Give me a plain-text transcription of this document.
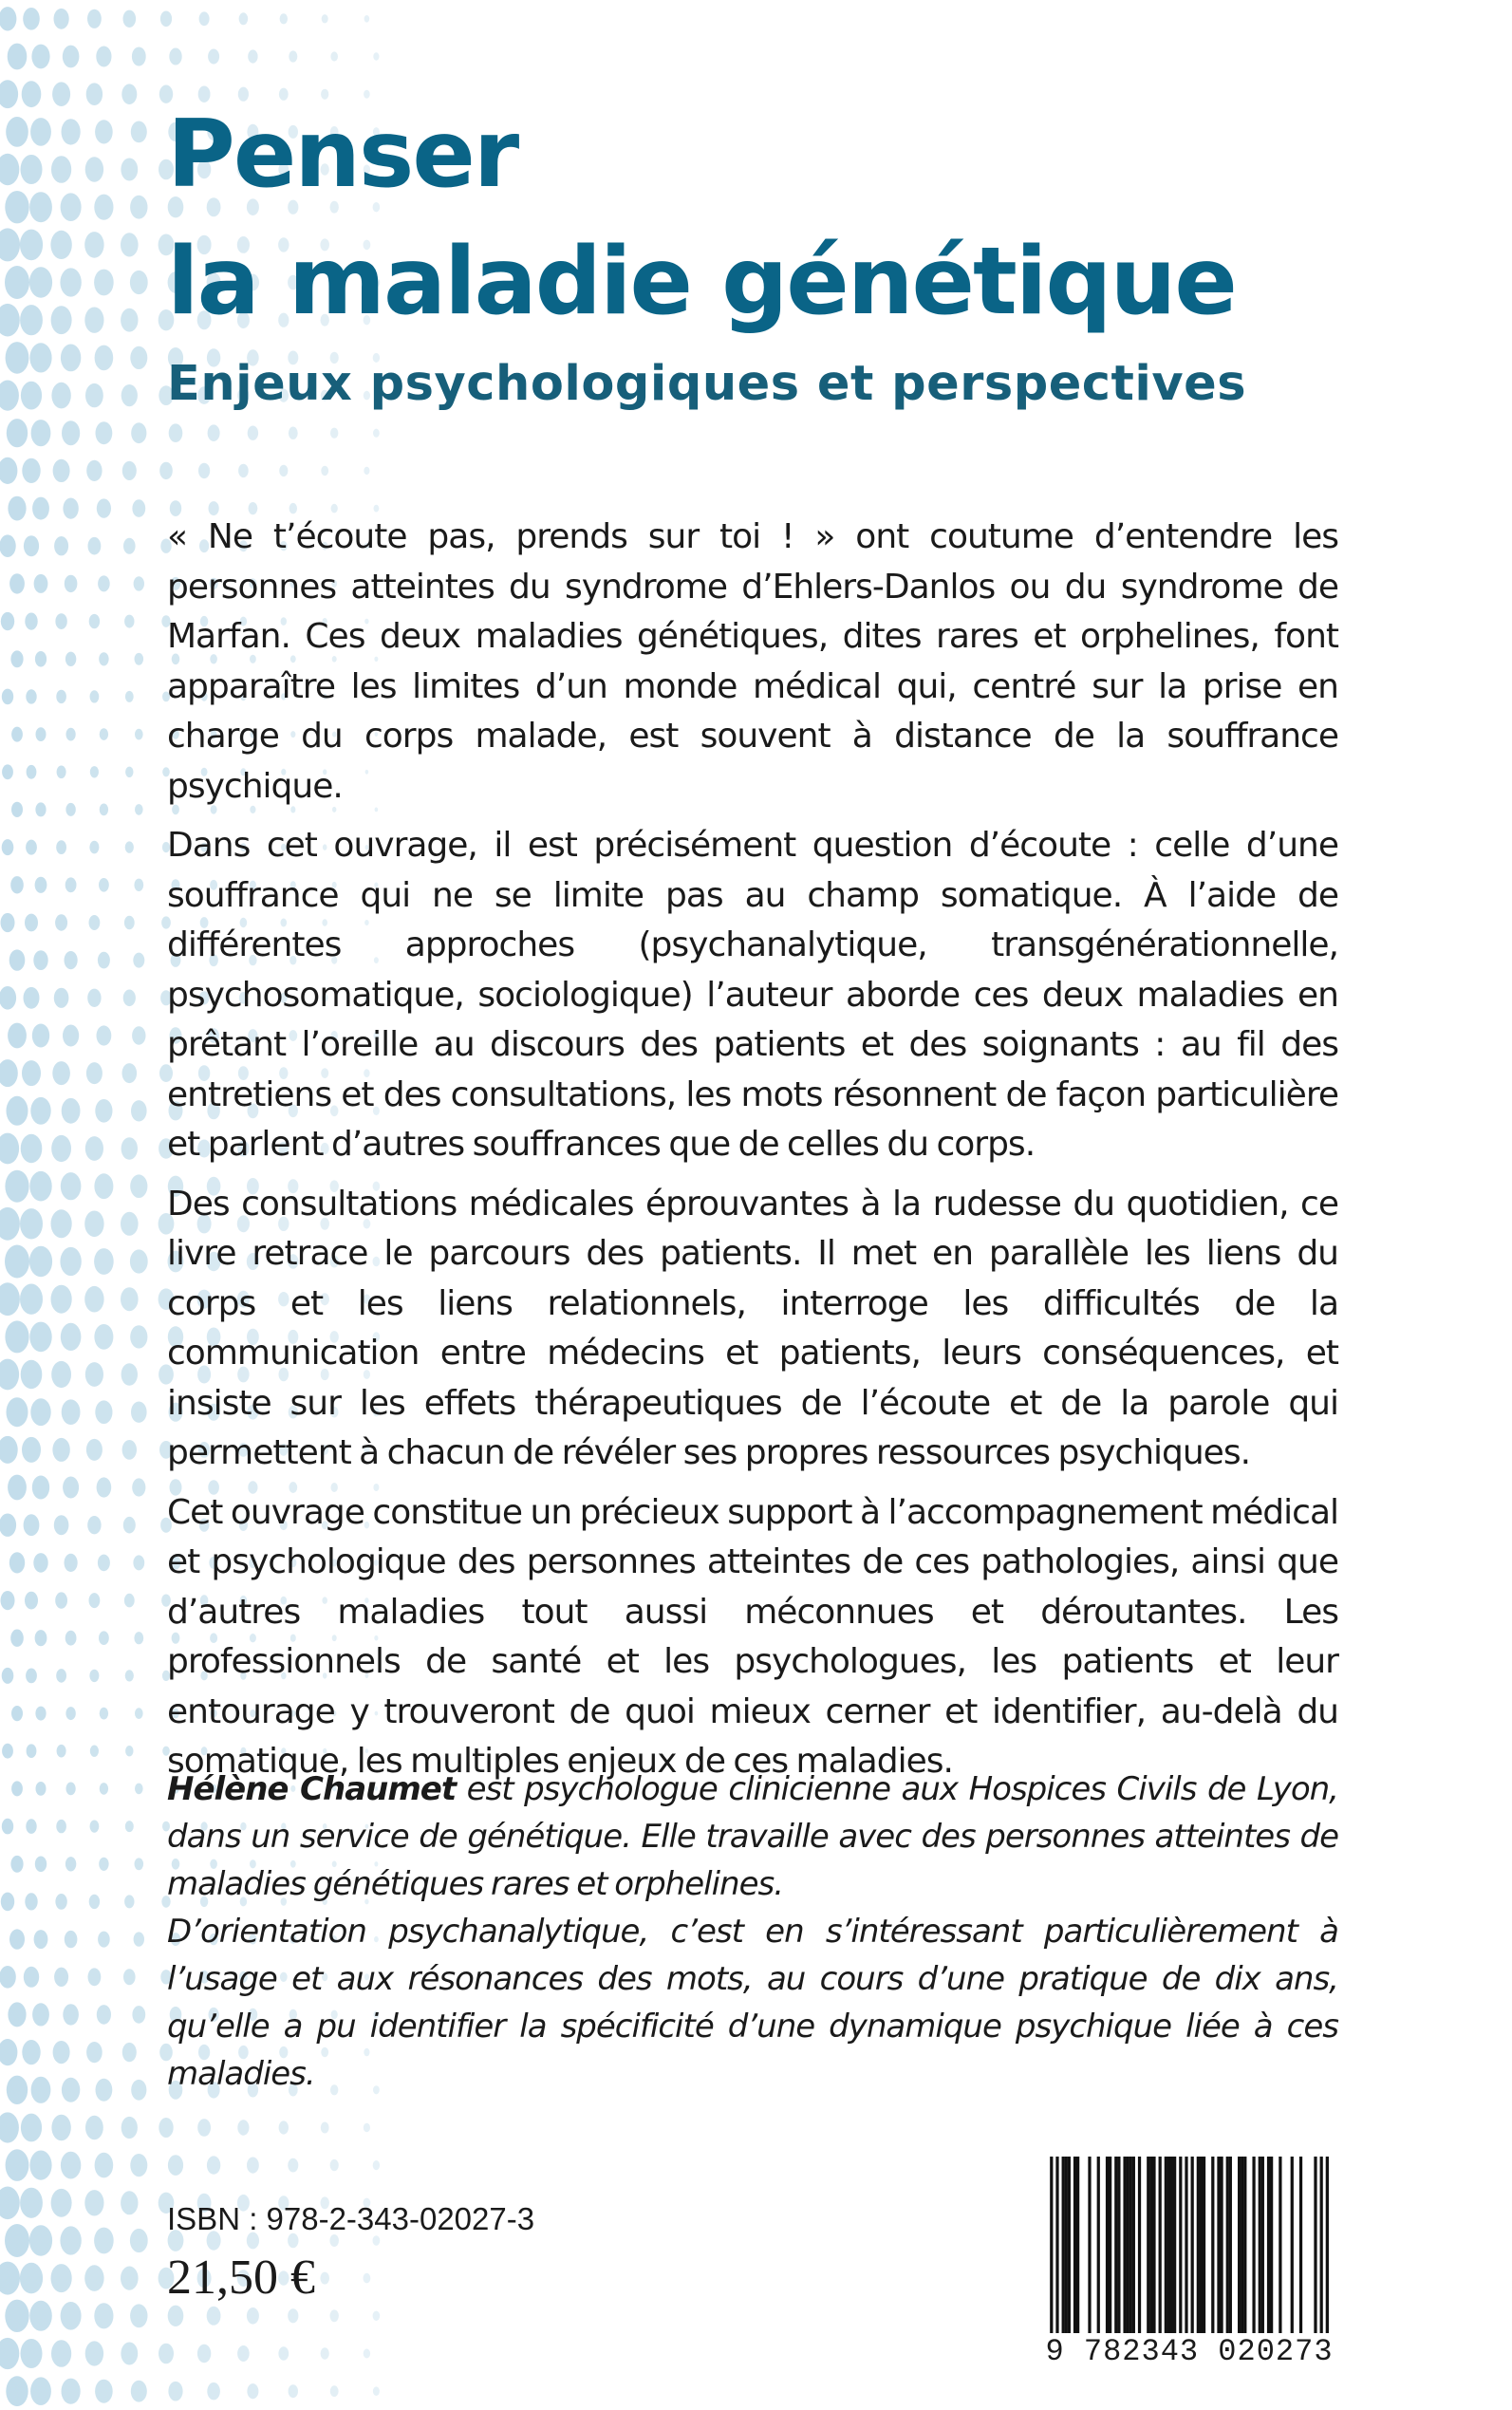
Penser
la maladie génétique
Enjeux psychologiques et perspectives

« Ne t’écoute pas, prends sur toi ! » ont coutume d’entendre les personnes atteintes du syndrome d’Ehlers-Danlos ou du syndrome de Marfan. Ces deux maladies génétiques, dites rares et orphelines, font apparaître les limites d’un monde médical qui, centré sur la prise en charge du corps malade, est souvent à distance de la souffrance psychique.

Dans cet ouvrage, il est précisément question d’écoute : celle d’une souffrance qui ne se limite pas au champ somatique. À l’aide de différentes approches (psychanalytique, transgénérationnelle, psychosomatique, sociologique) l’auteur aborde ces deux maladies en prêtant l’oreille au discours des patients et des soignants : au fil des entretiens et des consultations, les mots résonnent de façon particulière et parlent d’autres souffrances que de celles du corps.

Des consultations médicales éprouvantes à la rudesse du quotidien, ce livre retrace le parcours des patients. Il met en parallèle les liens du corps et les liens relationnels, interroge les difficultés de la communication entre médecins et patients, leurs conséquences, et insiste sur les effets thérapeutiques de l’écoute et de la parole qui permettent à chacun de révéler ses propres ressources psychiques.

Cet ouvrage constitue un précieux support à l’accompagnement médical et psychologique des personnes atteintes de ces pathologies, ainsi que d’autres maladies tout aussi méconnues et déroutantes. Les professionnels de santé et les psychologues, les patients et leur entourage y trouveront de quoi mieux cerner et identifier, au-delà du somatique, les multiples enjeux de ces maladies.

Hélène Chaumet est psychologue clinicienne aux Hospices Civils de Lyon, dans un service de génétique. Elle travaille avec des personnes atteintes de maladies génétiques rares et orphelines.

D’orientation psychanalytique, c’est en s’intéressant particulièrement à l’usage et aux résonances des mots, au cours d’une pratique de dix ans, qu’elle a pu identifier la spécificité d’une dynamique psychique liée à ces maladies.

ISBN : 978-2-343-02027-3
21,50 €
9 782343 020273
